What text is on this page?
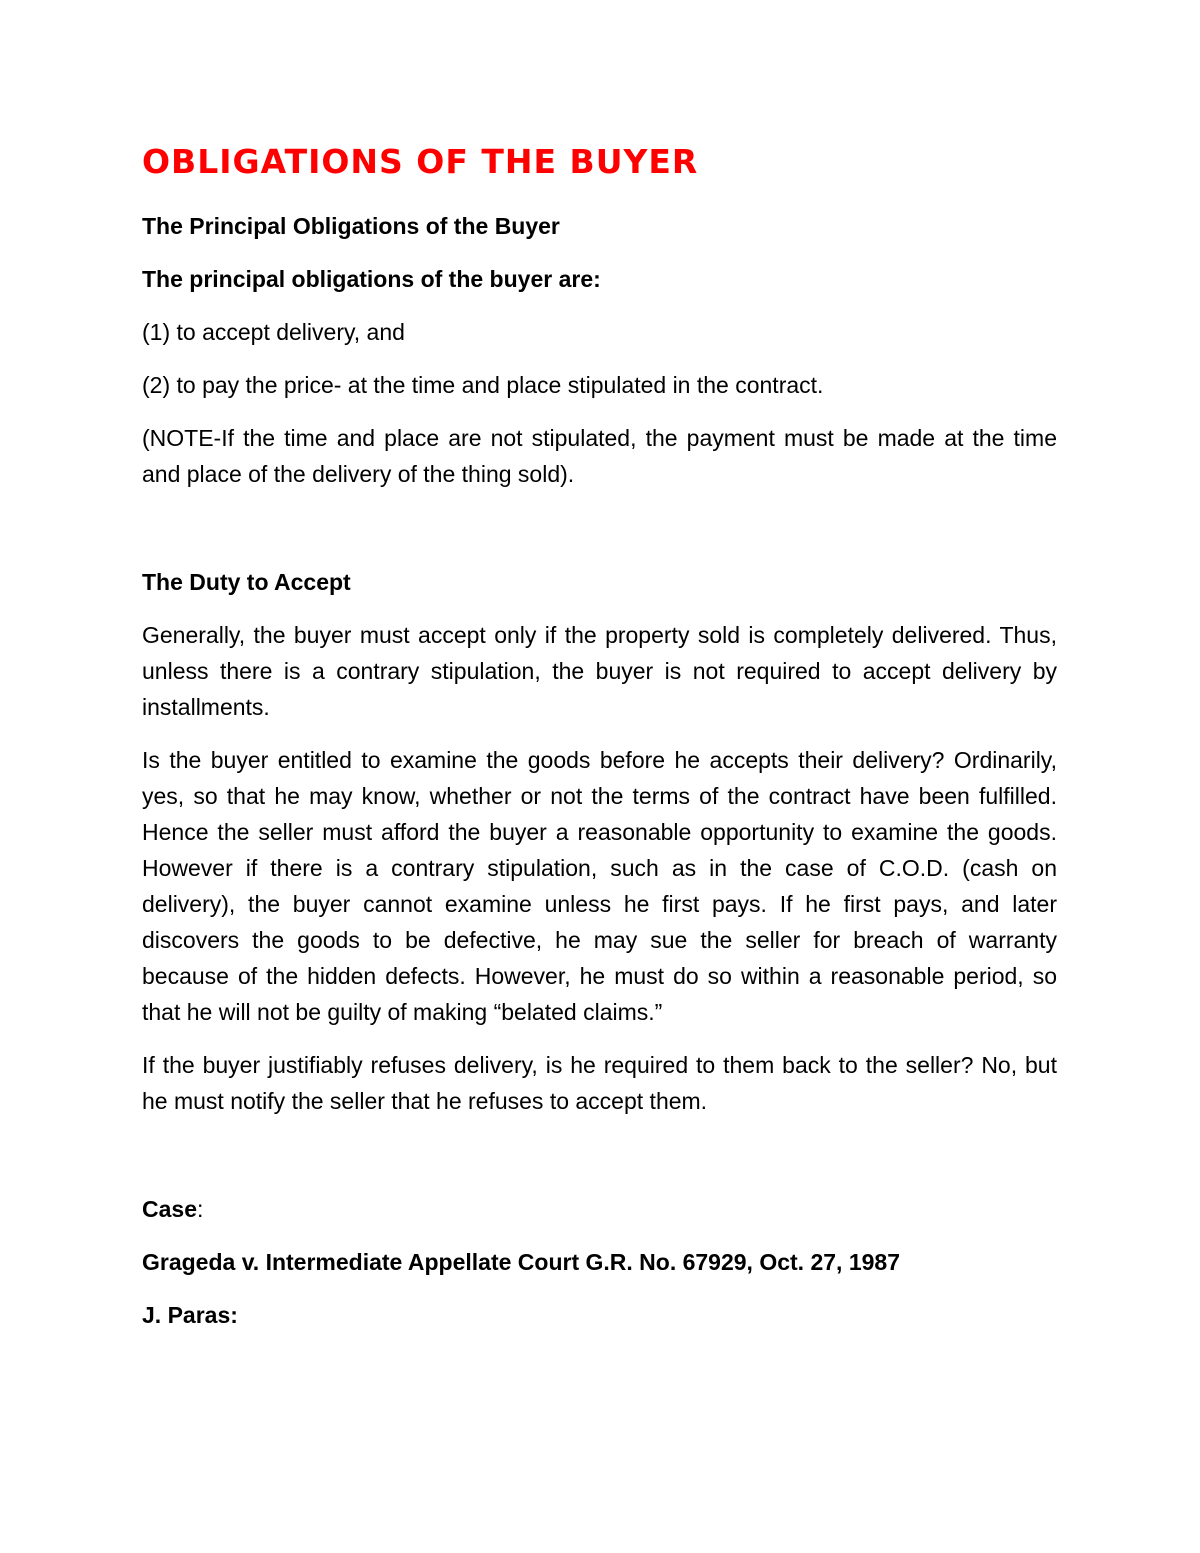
OBLIGATIONS OF THE BUYER

The Principal Obligations of the Buyer

The principal obligations of the buyer are:

(1) to accept delivery, and

(2) to pay the price- at the time and place stipulated in the contract.

(NOTE-If the time and place are not stipulated, the payment must be made at the time and place of the delivery of the thing sold).

The Duty to Accept

Generally, the buyer must accept only if the property sold is completely delivered. Thus, unless there is a contrary stipulation, the buyer is not required to accept delivery by installments.

Is the buyer entitled to examine the goods before he accepts their delivery? Ordinarily, yes, so that he may know, whether or not the terms of the contract have been fulfilled. Hence the seller must afford the buyer a reasonable opportunity to examine the goods. However if there is a contrary stipulation, such as in the case of C.O.D. (cash on delivery), the buyer cannot examine unless he first pays. If he first pays, and later discovers the goods to be defective, he may sue the seller for breach of warranty because of the hidden defects. However, he must do so within a reasonable period, so that he will not be guilty of making “belated claims.”

If the buyer justifiably refuses delivery, is he required to them back to the seller? No, but he must notify the seller that he refuses to accept them.

Case:

Grageda v. Intermediate Appellate Court G.R. No. 67929, Oct. 27, 1987

J. Paras:
